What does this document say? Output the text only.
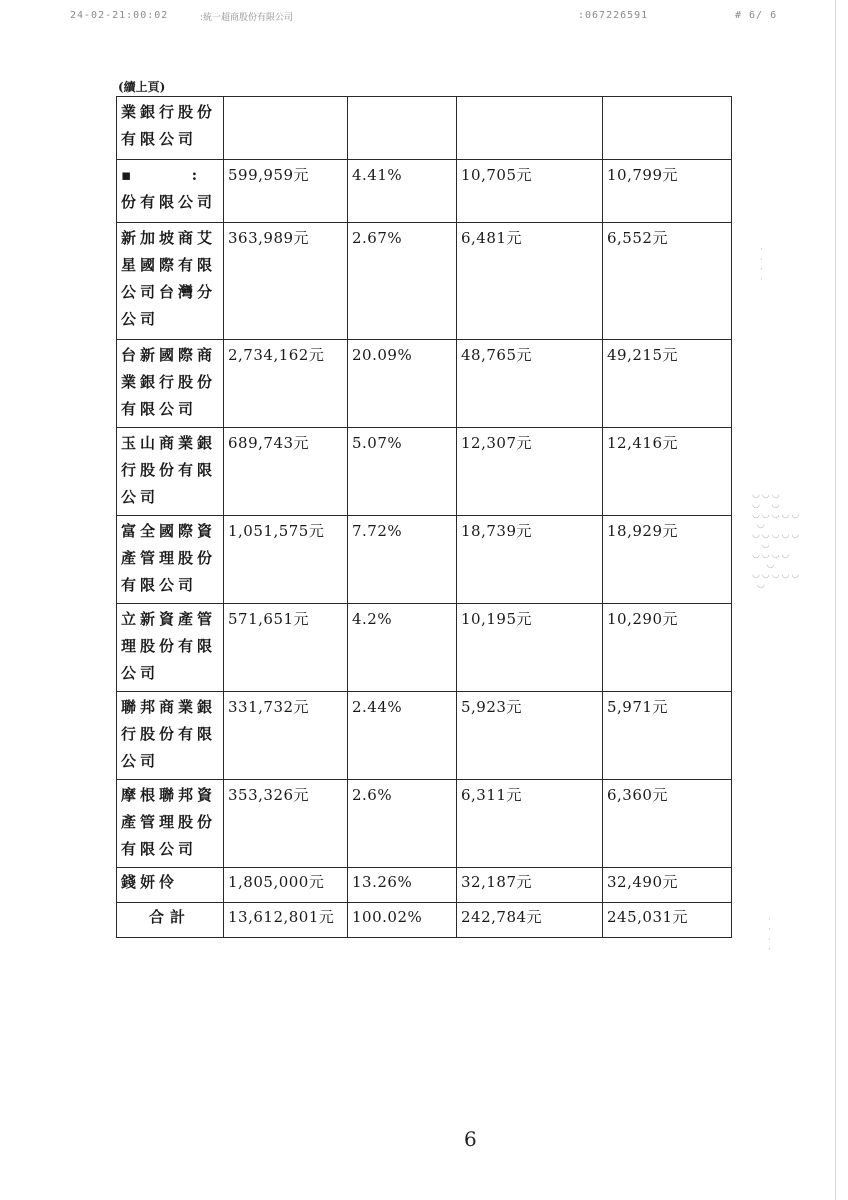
24-02-21:00:02	:統一超商股份有限公司	:067226591	# 6/ 6
(續上頁)
業銀行股份有限公司				
▪ 　 　: 份有限公司	599,959元	4.41%	10,705元	10,799元
新加坡商艾星國際有限公司台灣分公司	363,989元	2.67%	6,481元	6,552元
台新國際商業銀行股份有限公司	2,734,162元	20.09%	48,765元	49,215元
玉山商業銀行股份有限公司	689,743元	5.07%	12,307元	12,416元
富全國際資產管理股份有限公司	1,051,575元	7.72%	18,739元	18,929元
立新資產管理股份有限公司	571,651元	4.2%	10,195元	10,290元
聯邦商業銀行股份有限公司	331,732元	2.44%	5,923元	5,971元
摩根聯邦資產管理股份有限公司	353,326元	2.6%	6,311元	6,360元
錢妍伶	1,805,000元	13.26%	32,187元	32,490元
合計	13,612,801元	100.02%	242,784元	245,031元
·
·
·
·
◡◡◡
◡  ◡
◡◡◡◡◡
◡
◡◡◡◡◡
◡
◡◡◡◡
◡
◡◡◡◡◡
◡
·
·
·
·
6
